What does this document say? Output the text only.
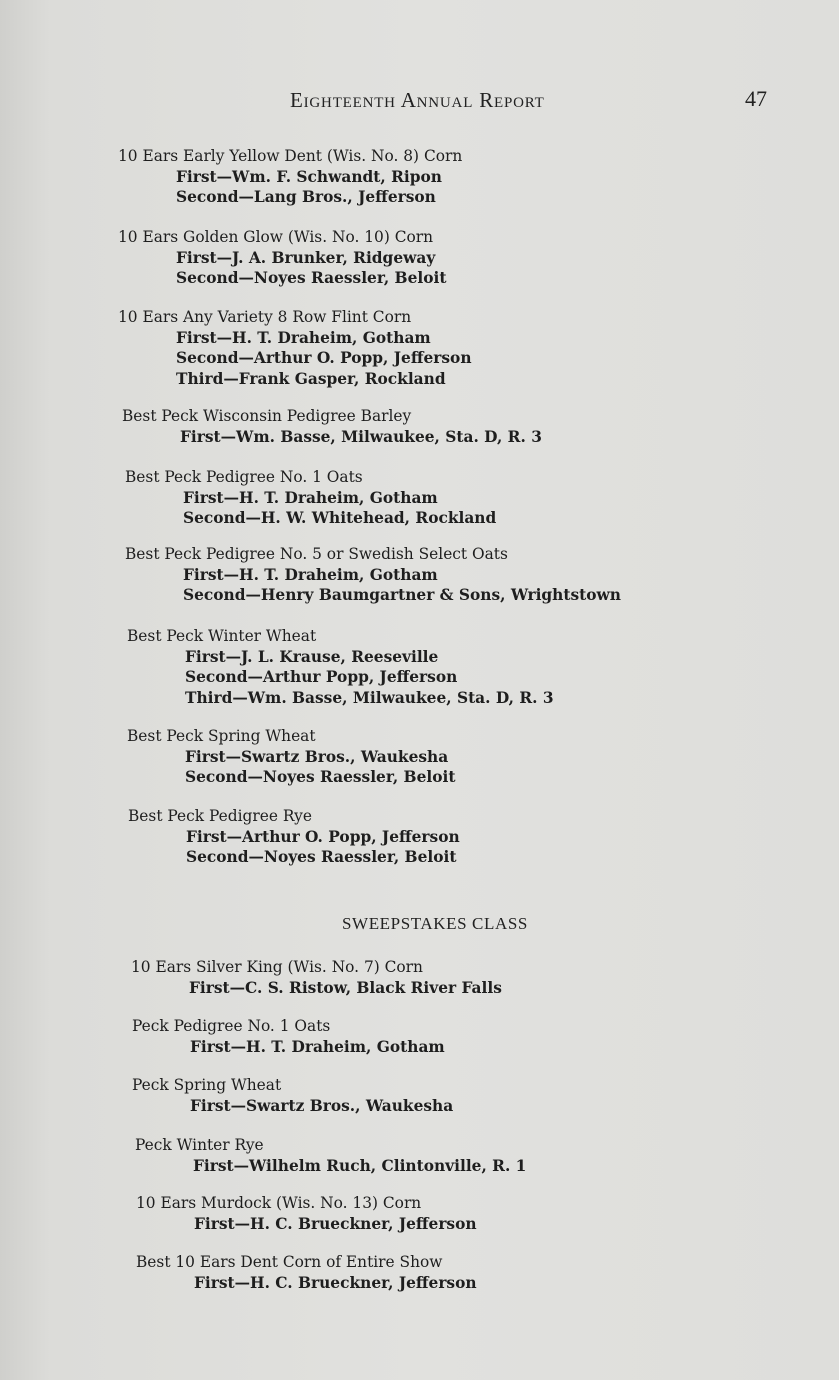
Eighteenth Annual Report	47
10 Ears Early Yellow Dent (Wis. No. 8) Corn
First—Wm. F. Schwandt, Ripon
Second—Lang Bros., Jefferson
10 Ears Golden Glow (Wis. No. 10) Corn
First—J. A. Brunker, Ridgeway
Second—Noyes Raessler, Beloit
10 Ears Any Variety 8 Row Flint Corn
First—H. T. Draheim, Gotham
Second—Arthur O. Popp, Jefferson
Third—Frank Gasper, Rockland
Best Peck Wisconsin Pedigree Barley
First—Wm. Basse, Milwaukee, Sta. D, R. 3
Best Peck Pedigree No. 1 Oats
First—H. T. Draheim, Gotham
Second—H. W. Whitehead, Rockland
Best Peck Pedigree No. 5 or Swedish Select Oats
First—H. T. Draheim, Gotham
Second—Henry Baumgartner & Sons, Wrightstown
Best Peck Winter Wheat
First—J. L. Krause, Reeseville
Second—Arthur Popp, Jefferson
Third—Wm. Basse, Milwaukee, Sta. D, R. 3
Best Peck Spring Wheat
First—Swartz Bros., Waukesha
Second—Noyes Raessler, Beloit
Best Peck Pedigree Rye
First—Arthur O. Popp, Jefferson
Second—Noyes Raessler, Beloit
SWEEPSTAKES CLASS
10 Ears Silver King (Wis. No. 7) Corn
First—C. S. Ristow, Black River Falls
Peck Pedigree No. 1 Oats
First—H. T. Draheim, Gotham
Peck Spring Wheat
First—Swartz Bros., Waukesha
Peck Winter Rye
First—Wilhelm Ruch, Clintonville, R. 1
10 Ears Murdock (Wis. No. 13) Corn
First—H. C. Brueckner, Jefferson
Best 10 Ears Dent Corn of Entire Show
First—H. C. Brueckner, Jefferson
